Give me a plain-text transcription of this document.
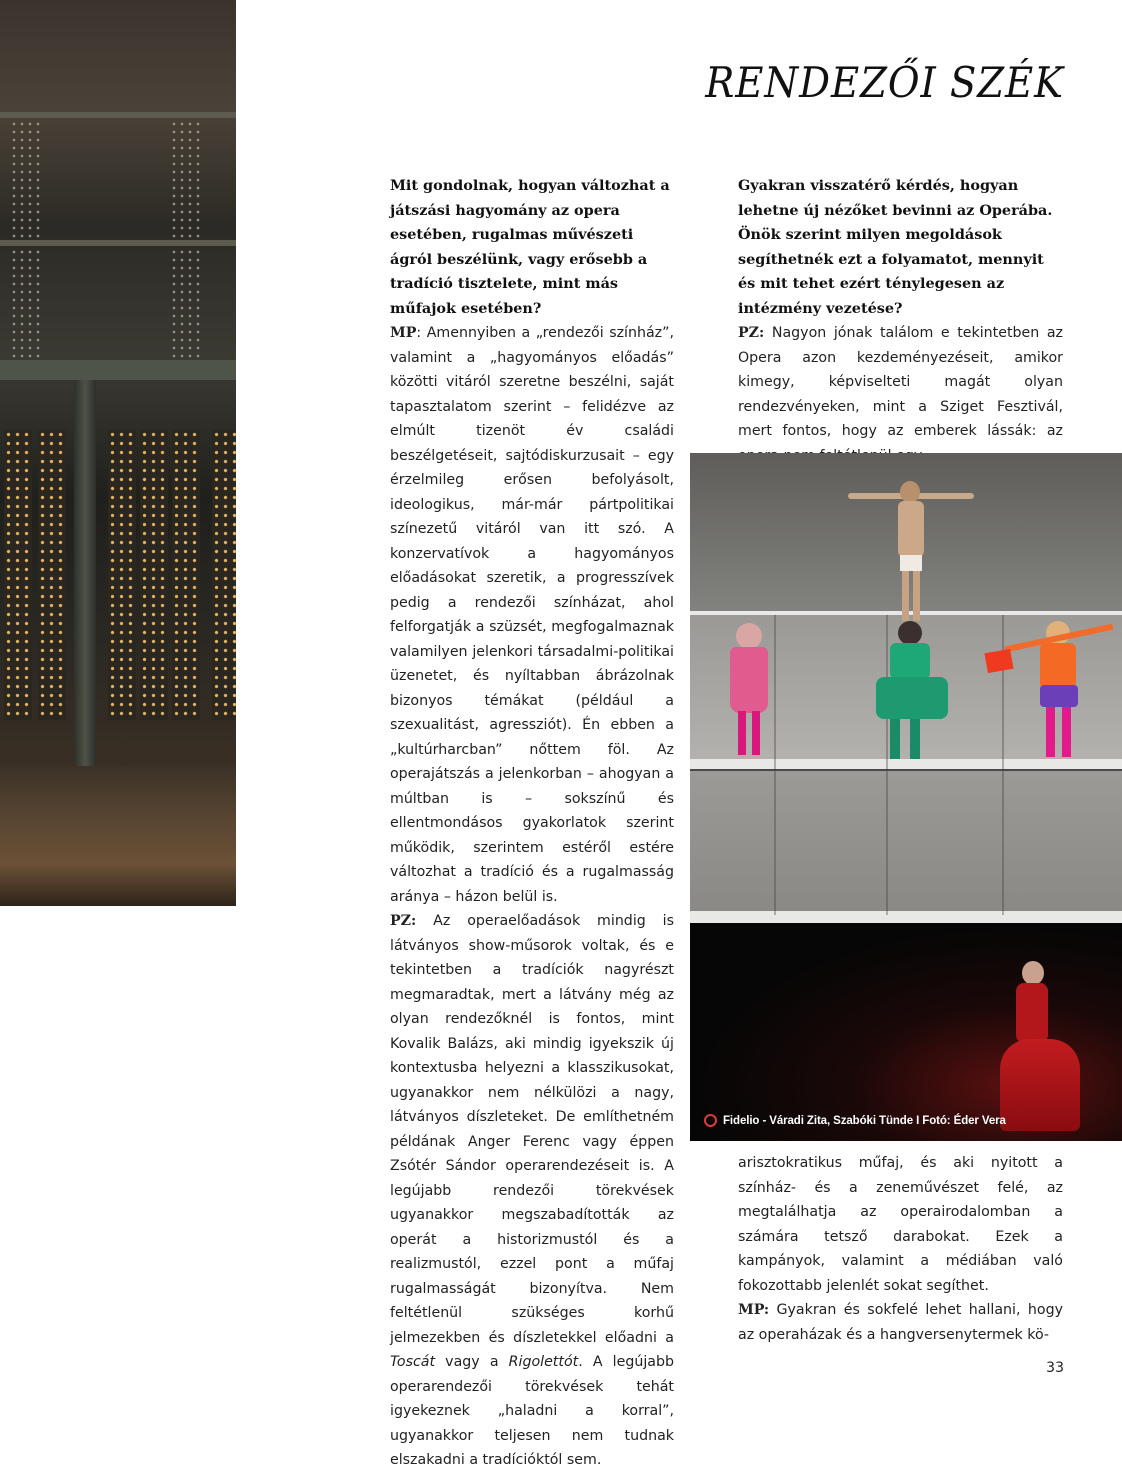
RENDEZŐI SZÉK

Mit gondolnak, hogyan változhat a játszási hagyomány az opera esetében, rugalmas művészeti ágról beszélünk, vagy erősebb a tradíció tisztelete, mint más műfajok esetében?

MP: Amennyiben a „rendezői színház”, valamint a „hagyományos előadás” közötti vitáról szeretne beszélni, saját tapasztalatom szerint – felidézve az elmúlt tizenöt év családi beszélgetéseit, sajtódiskurzusait – egy érzelmileg erősen befolyásolt, ideologikus, már-már pártpolitikai színezetű vitáról van itt szó. A konzervatívok a hagyományos előadásokat szeretik, a progresszívek pedig a rendezői színházat, ahol felforgatják a szüzsét, megfogalmaznak valamilyen jelenkori társadalmi-politikai üzenetet, és nyíltabban ábrázolnak bizonyos témákat (például a szexualitást, agressziót). Én ebben a „kultúrharcban” nőttem föl. Az operajátszás a jelenkorban – ahogyan a múltban is – sokszínű és ellentmondásos gyakorlatok szerint működik, szerintem estéről estére változhat a tradíció és a rugalmasság aránya – házon belül is.

PZ: Az operaelőadások mindig is látványos show-műsorok voltak, és e tekintetben a tradíciók nagyrészt megmaradtak, mert a látvány még az olyan rendezőknél is fontos, mint Kovalik Balázs, aki mindig igyekszik új kontextusba helyezni a klasszikusokat, ugyanakkor nem nélkülözi a nagy, látványos díszleteket. De említhetném példának Anger Ferenc vagy éppen Zsótér Sándor operarendezéseit is. A legújabb rendezői törekvések ugyanakkor megszabadították az operát a historizmustól és a realizmustól, ezzel pont a műfaj rugalmasságát bizonyítva. Nem feltétlenül szükséges korhű jelmezekben és díszletekkel előadni a Toscát vagy a Rigolettót. A legújabb operarendezői törekvések tehát igyekeznek „haladni a korral”, ugyanakkor teljesen nem tudnak elszakadni a tradícióktól sem.

Gyakran visszatérő kérdés, hogyan lehetne új nézőket bevinni az Operába. Önök szerint milyen megoldások segíthetnék ezt a folyamatot, mennyit és mit tehet ezért ténylegesen az intézmény vezetése?

PZ: Nagyon jónak találom e tekintetben az Opera azon kezdeményezéseit, amikor kimegy, képviselteti magát olyan rendezvényeken, mint a Sziget Fesztivál, mert fontos, hogy az emberek lássák: az

Fidelio - Váradi Zita, Szabóki Tünde I Fotó: Éder Vera

arisztokratikus műfaj, és aki nyitott a színház- és a zeneművészet felé, az megtalálhatja az operairodalomban a számára tetsző darabokat. Ezek a kampányok, valamint a médiában való fokozottabb jelenlét sokat segíthet.

MP: Gyakran és sokfelé lehet hallani, hogy az operaházak és a hangversenytermek kö-

33
